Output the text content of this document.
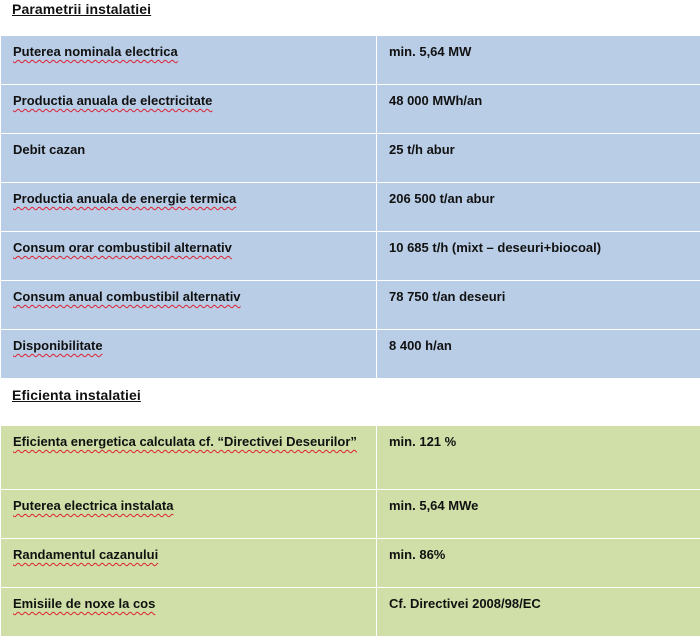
Parametrii instalatiei
Puterea nominala electrica	min. 5,64 MW
Productia anuala de electricitate	48 000 MWh/an
Debit cazan	25 t/h abur
Productia anuala de energie termica	206 500 t/an abur
Consum orar combustibil alternativ	10 685 t/h (mixt – deseuri+biocoal)
Consum anual combustibil alternativ	78 750 t/an deseuri
Disponibilitate	8 400 h/an
Eficienta instalatiei
Eficienta energetica calculata cf. “Directivei Deseurilor”	min. 121 %
Puterea electrica instalata	min. 5,64 MWe
Randamentul cazanului	min. 86%
Emisiile de noxe la cos	Cf. Directivei 2008/98/EC
